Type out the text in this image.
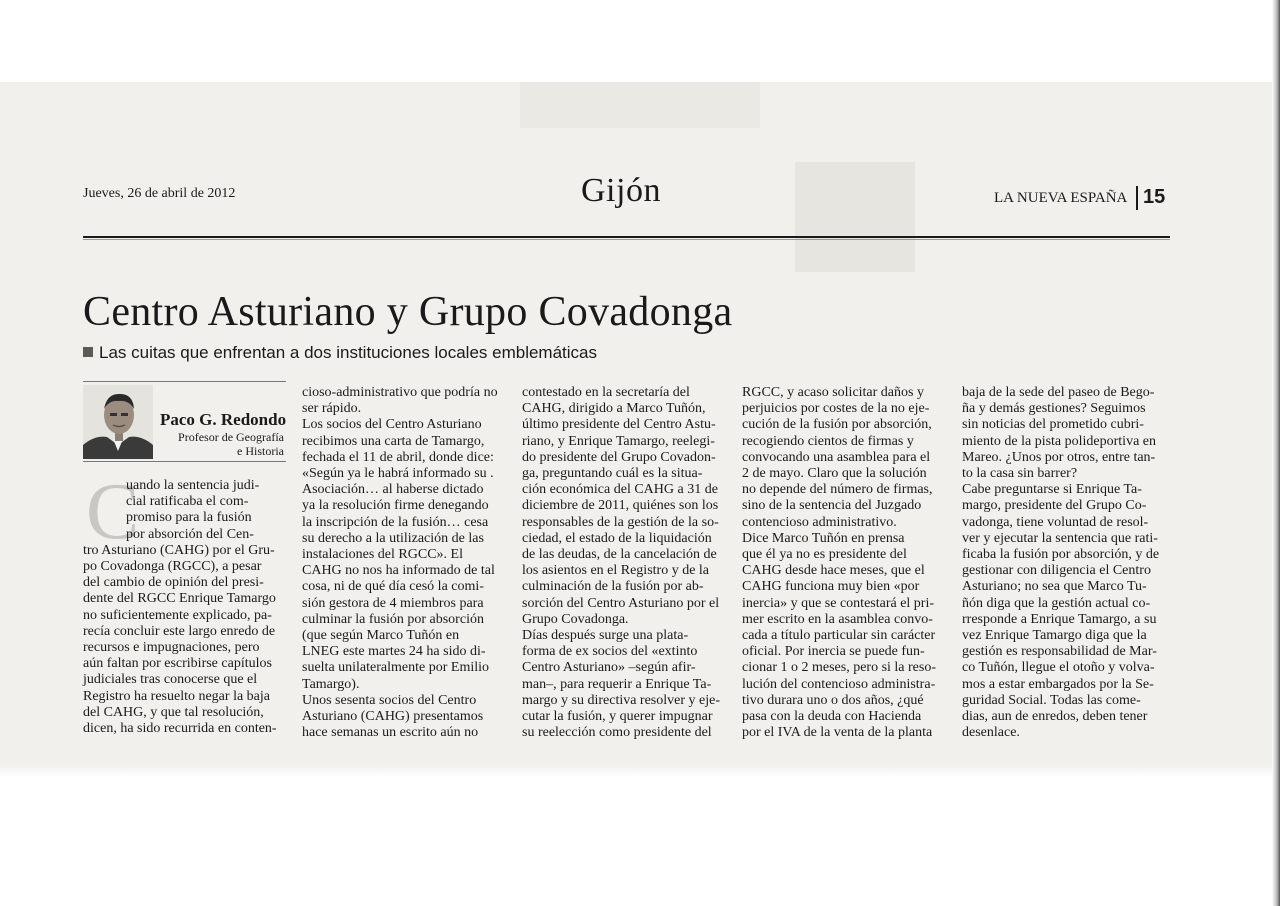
Jueves, 26 de abril de 2012	Gijón	LA NUEVA ESPAÑA 15
Centro Asturiano y Grupo Covadonga
Las cuitas que enfrentan a dos instituciones locales emblemáticas
Paco G. Redondo
Profesor de Geografía
e Historia
C

uando la sentencia judi-
cial ratificaba el com-
promiso para la fusión
por absorción del Cen-
tro Asturiano (CAHG) por el Gru-
po Covadonga (RGCC), a pesar
del cambio de opinión del presi-
dente del RGCC Enrique Tamargo
no suficientemente explicado, pa-
recía concluir este largo enredo de
recursos e impugnaciones, pero
aún faltan por escribirse capítulos
judiciales tras conocerse que el
Registro ha resuelto negar la baja
del CAHG, y que tal resolución,
dicen, ha sido recurrida en conten-

cioso-administrativo que podría no
ser rápido.
Los socios del Centro Asturiano
recibimos una carta de Tamargo,
fechada el 11 de abril, donde dice:
«Según ya le habrá informado su .
Asociación… al haberse dictado
ya la resolución firme denegando
la inscripción de la fusión… cesa
su derecho a la utilización de las
instalaciones del RGCC». El
CAHG no nos ha informado de tal
cosa, ni de qué día cesó la comi-
sión gestora de 4 miembros para
culminar la fusión por absorción
(que según Marco Tuñón en
LNEG este martes 24 ha sido di-
suelta unilateralmente por Emilio
Tamargo).
Unos sesenta socios del Centro
Asturiano (CAHG) presentamos
hace semanas un escrito aún no

contestado en la secretaría del
CAHG, dirigido a Marco Tuñón,
último presidente del Centro Astu-
riano, y Enrique Tamargo, reelegi-
do presidente del Grupo Covadon-
ga, preguntando cuál es la situa-
ción económica del CAHG a 31 de
diciembre de 2011, quiénes son los
responsables de la gestión de la so-
ciedad, el estado de la liquidación
de las deudas, de la cancelación de
los asientos en el Registro y de la
culminación de la fusión por ab-
sorción del Centro Asturiano por el
Grupo Covadonga.
Días después surge una plata-
forma de ex socios del «extinto
Centro Asturiano» –según afir-
man–, para requerir a Enrique Ta-
margo y su directiva resolver y eje-
cutar la fusión, y querer impugnar
su reelección como presidente del

RGCC, y acaso solicitar daños y
perjuicios por costes de la no eje-
cución de la fusión por absorción,
recogiendo cientos de firmas y
convocando una asamblea para el
2 de mayo. Claro que la solución
no depende del número de firmas,
sino de la sentencia del Juzgado
contencioso administrativo.
Dice Marco Tuñón en prensa
que él ya no es presidente del
CAHG desde hace meses, que el
CAHG funciona muy bien «por
inercia» y que se contestará el pri-
mer escrito en la asamblea convo-
cada a título particular sin carácter
oficial. Por inercia se puede fun-
cionar 1 o 2 meses, pero si la reso-
lución del contencioso administra-
tivo durara uno o dos años, ¿qué
pasa con la deuda con Hacienda
por el IVA de la venta de la planta

baja de la sede del paseo de Bego-
ña y demás gestiones? Seguimos
sin noticias del prometido cubri-
miento de la pista polideportiva en
Mareo. ¿Unos por otros, entre tan-
to la casa sin barrer?
Cabe preguntarse si Enrique Ta-
margo, presidente del Grupo Co-
vadonga, tiene voluntad de resol-
ver y ejecutar la sentencia que rati-
ficaba la fusión por absorción, y de
gestionar con diligencia el Centro
Asturiano; no sea que Marco Tu-
ñón diga que la gestión actual co-
rresponde a Enrique Tamargo, a su
vez Enrique Tamargo diga que la
gestión es responsabilidad de Mar-
co Tuñón, llegue el otoño y volva-
mos a estar embargados por la Se-
guridad Social. Todas las come-
dias, aun de enredos, deben tener
desenlace.
